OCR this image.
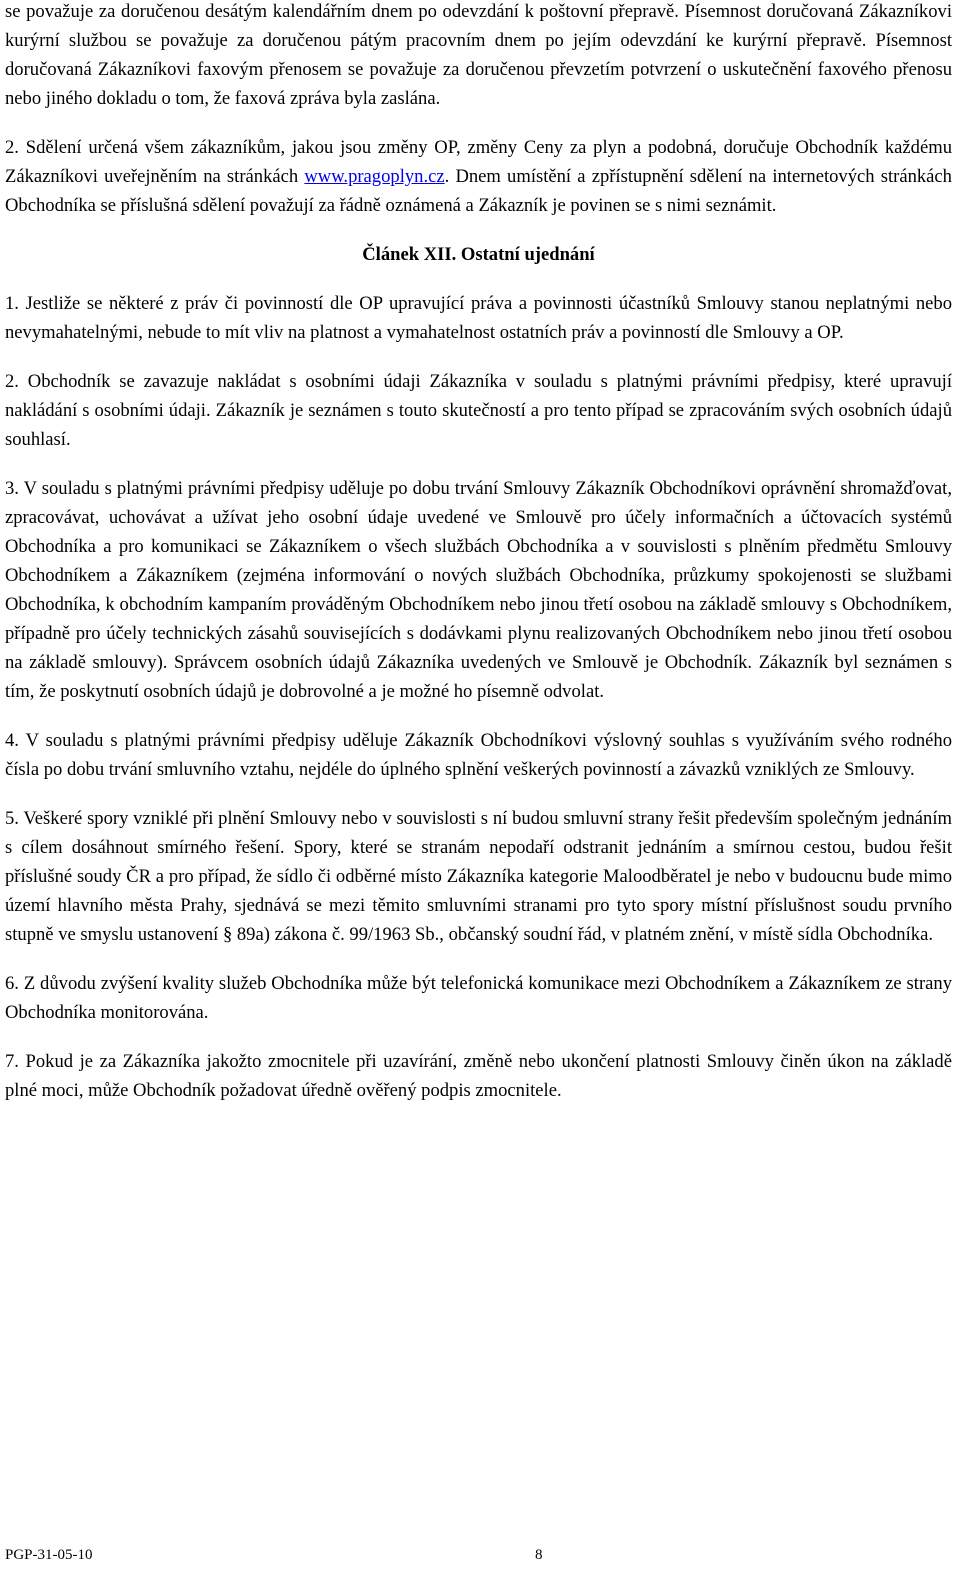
se považuje za doručenou desátým kalendářním dnem po odevzdání k poštovní přepravě. Písemnost doručovaná Zákazníkovi kurýrní službou se považuje za doručenou pátým pracovním dnem po jejím odevzdání ke kurýrní přepravě. Písemnost doručovaná Zákazníkovi faxovým přenosem se považuje za doručenou převzetím potvrzení o uskutečnění faxového přenosu nebo jiného dokladu o tom, že faxová zpráva byla zaslána.

2. Sdělení určená všem zákazníkům, jakou jsou změny OP, změny Ceny za plyn a podobná, doručuje Obchodník každému Zákazníkovi uveřejněním na stránkách www.pragoplyn.cz. Dnem umístění a zpřístupnění sdělení na internetových stránkách Obchodníka se příslušná sdělení považují za řádně oznámená a Zákazník je povinen se s nimi seznámit.

Článek XII. Ostatní ujednání

1. Jestliže se některé z práv či povinností dle OP upravující práva a povinnosti účastníků Smlouvy stanou neplatnými nebo nevymahatelnými, nebude to mít vliv na platnost a vymahatelnost ostatních práv a povinností dle Smlouvy a OP.

2. Obchodník se zavazuje nakládat s osobními údaji Zákazníka v souladu s platnými právními předpisy, které upravují nakládání s osobními údaji. Zákazník je seznámen s touto skutečností a pro tento případ se zpracováním svých osobních údajů souhlasí.

3. V souladu s platnými právními předpisy uděluje po dobu trvání Smlouvy Zákazník Obchodníkovi oprávnění shromažďovat, zpracovávat, uchovávat a užívat jeho osobní údaje uvedené ve Smlouvě pro účely informačních a účtovacích systémů Obchodníka a pro komunikaci se Zákazníkem o všech službách Obchodníka a v souvislosti s plněním předmětu Smlouvy Obchodníkem a Zákazníkem (zejména informování o nových službách Obchodníka, průzkumy spokojenosti se službami Obchodníka, k obchodním kampaním prováděným Obchodníkem nebo jinou třetí osobou na základě smlouvy s Obchodníkem, případně pro účely technických zásahů souvisejících s dodávkami plynu realizovaných Obchodníkem nebo jinou třetí osobou na základě smlouvy). Správcem osobních údajů Zákazníka uvedených ve Smlouvě je Obchodník. Zákazník byl seznámen s tím, že poskytnutí osobních údajů je dobrovolné a je možné ho písemně odvolat.

4. V souladu s platnými právními předpisy uděluje Zákazník Obchodníkovi výslovný souhlas s využíváním svého rodného čísla po dobu trvání smluvního vztahu, nejdéle do úplného splnění veškerých povinností a závazků vzniklých ze Smlouvy.

5. Veškeré spory vzniklé při plnění Smlouvy nebo v souvislosti s ní budou smluvní strany řešit především společným jednáním s cílem dosáhnout smírného řešení. Spory, které se stranám nepodaří odstranit jednáním a smírnou cestou, budou řešit příslušné soudy ČR a pro případ, že sídlo či odběrné místo Zákazníka kategorie Maloodběratel je nebo v budoucnu bude mimo území hlavního města Prahy, sjednává se mezi těmito smluvními stranami pro tyto spory místní příslušnost soudu prvního stupně ve smyslu ustanovení § 89a) zákona č. 99/1963 Sb., občanský soudní řád, v platném znění, v místě sídla Obchodníka.

6. Z důvodu zvýšení kvality služeb Obchodníka může být telefonická komunikace mezi Obchodníkem a Zákazníkem ze strany Obchodníka monitorována.

7. Pokud je za Zákazníka jakožto zmocnitele při uzavírání, změně nebo ukončení platnosti Smlouvy činěn úkon na základě plné moci, může Obchodník požadovat úředně ověřený podpis zmocnitele.

PGP-31-05-10	8
